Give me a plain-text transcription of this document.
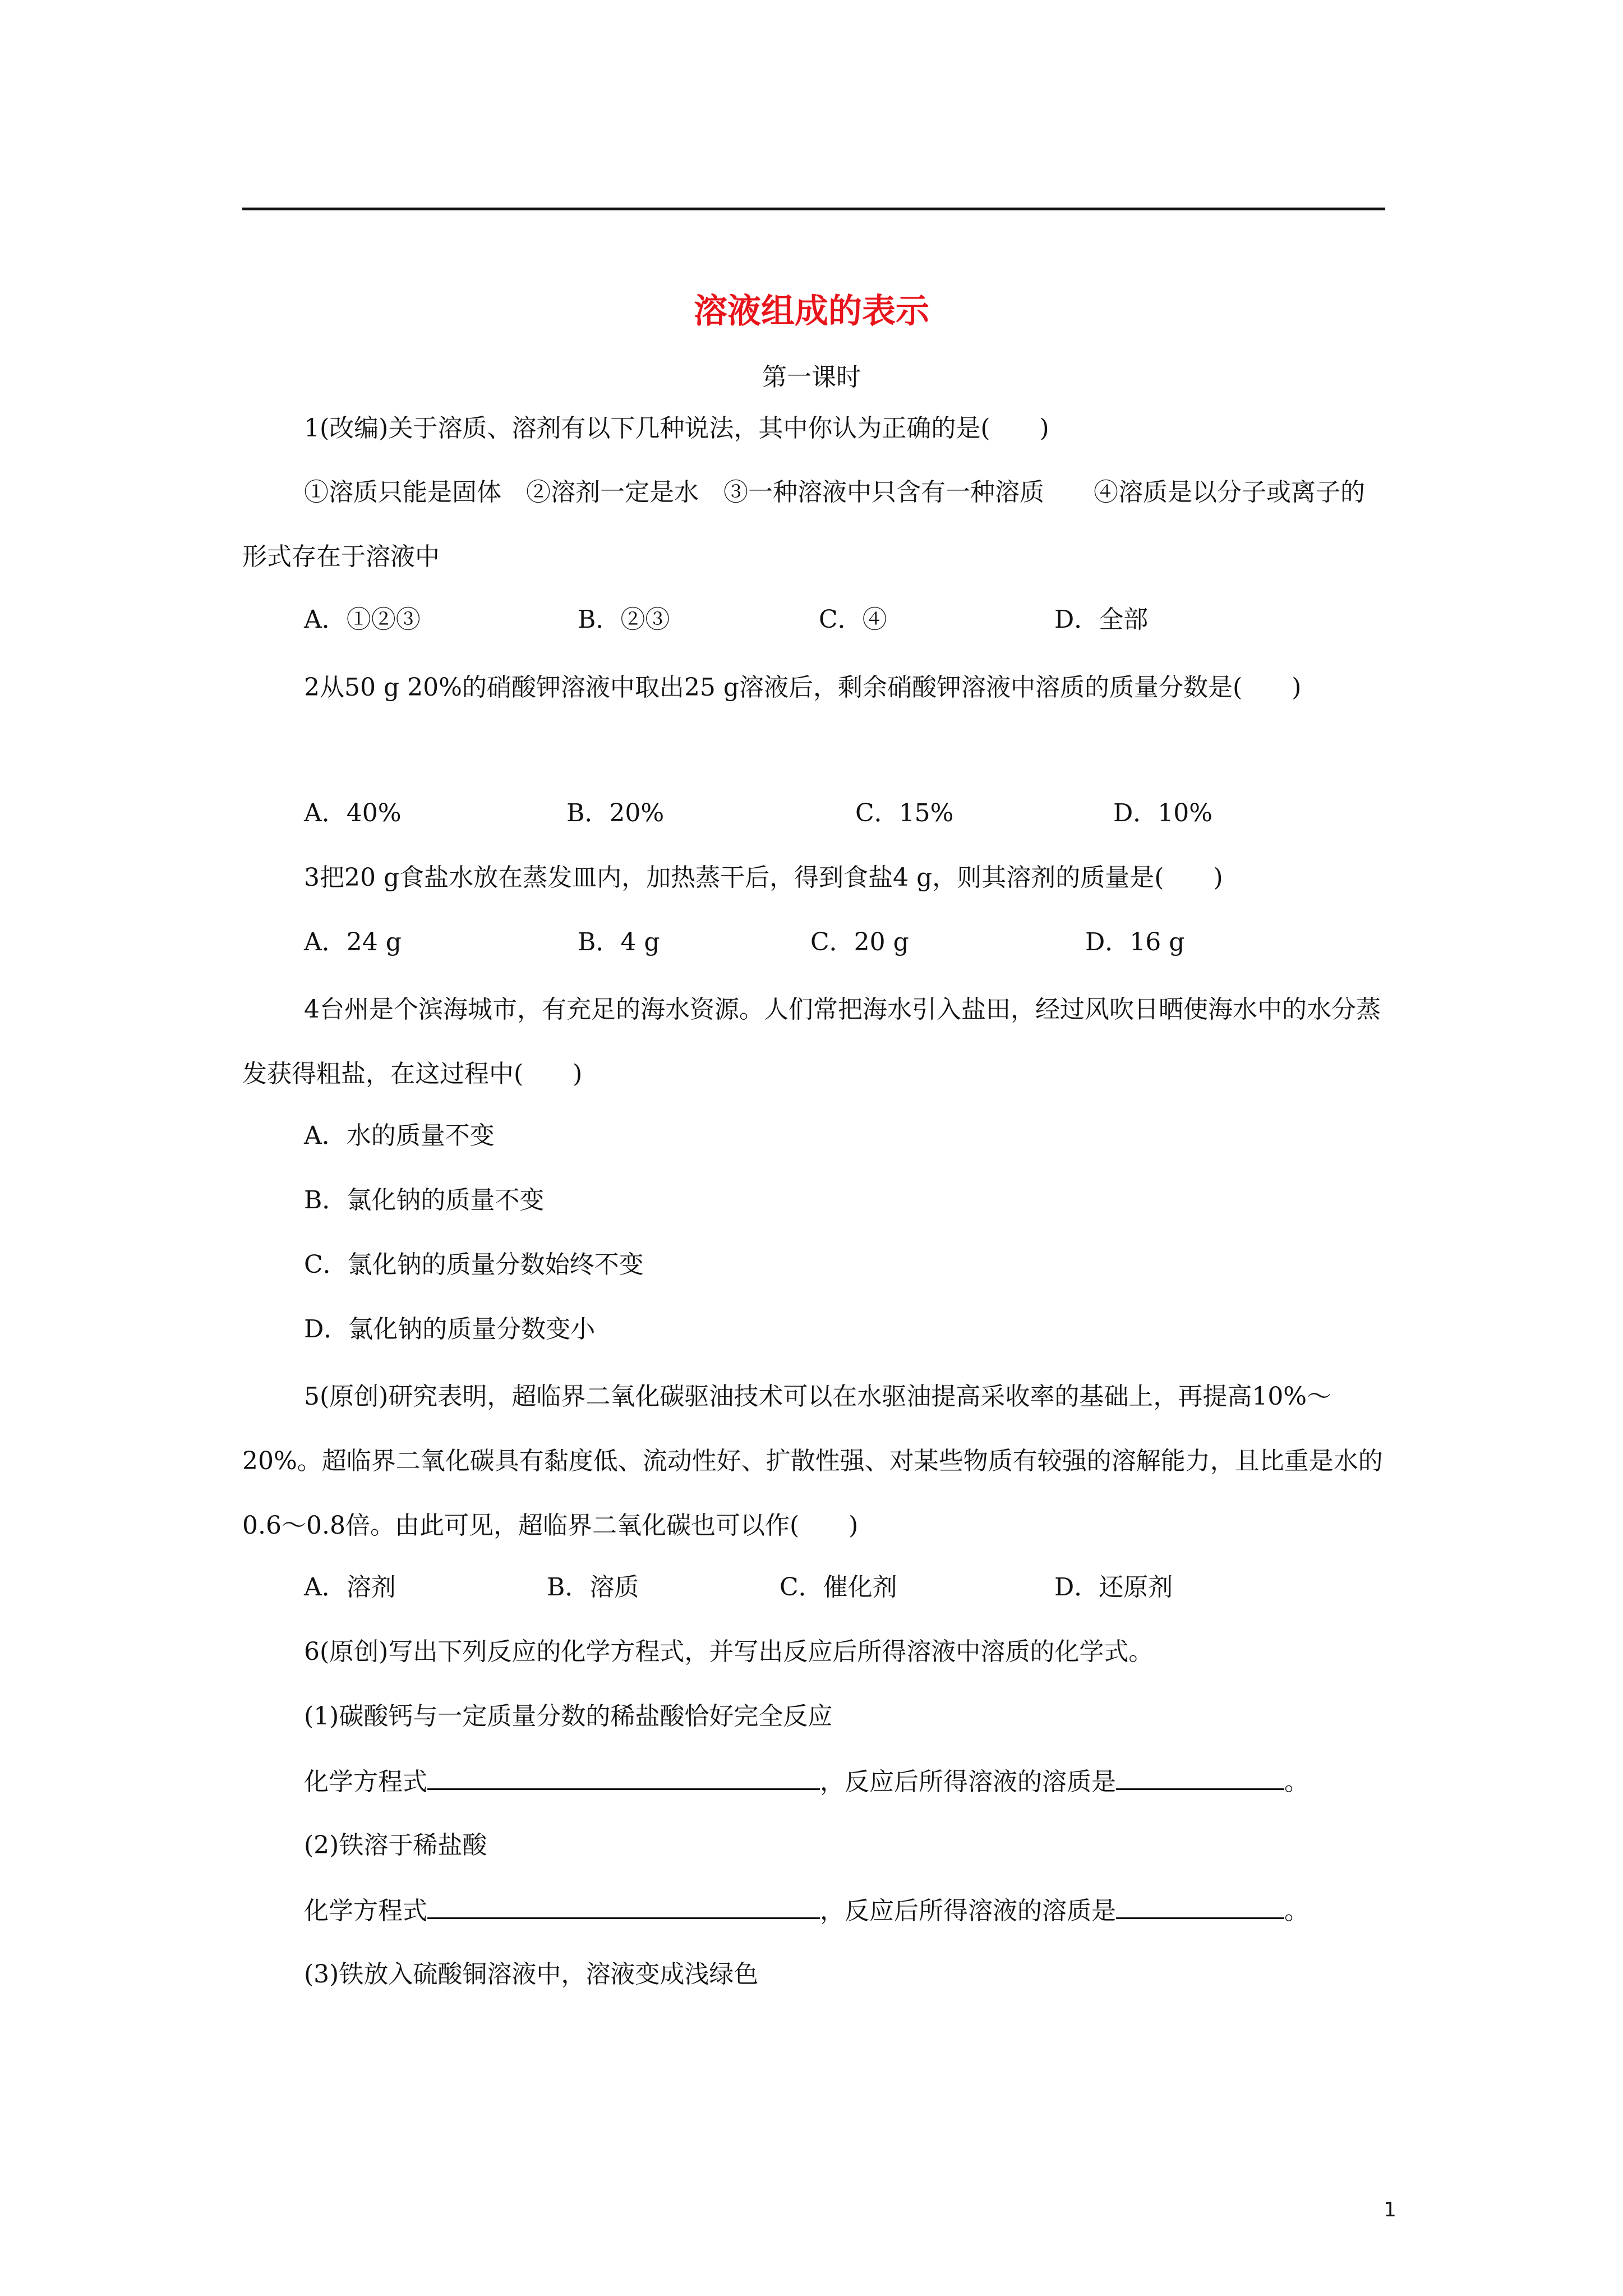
溶液组成的表示
第一课时
1(改编)关于溶质、溶剂有以下几种说法，其中你认为正确的是(　　)
①溶质只能是固体　②溶剂一定是水　③一种溶液中只含有一种溶质　　④溶质是以分子或离子的形式存在于溶液中
A．①②③	B．②③	C．④	D．全部
2从50 g 20%的硝酸钾溶液中取出25 g溶液后，剩余硝酸钾溶液中溶质的质量分数是(　　)
A．40%	B．20%	C．15%	D．10%
3把20 g食盐水放在蒸发皿内，加热蒸干后，得到食盐4 g，则其溶剂的质量是(　　)
A．24 g	B．4 g	C．20 g	D．16 g
4台州是个滨海城市，有充足的海水资源。人们常把海水引入盐田，经过风吹日晒使海水中的水分蒸发获得粗盐，在这过程中(　　)
A．水的质量不变
B．氯化钠的质量不变
C．氯化钠的质量分数始终不变
D．氯化钠的质量分数变小
5(原创)研究表明，超临界二氧化碳驱油技术可以在水驱油提高采收率的基础上，再提高10%～20%。超临界二氧化碳具有黏度低、流动性好、扩散性强、对某些物质有较强的溶解能力，且比重是水的0.6～0.8倍。由此可见，超临界二氧化碳也可以作(　　)
A．溶剂	B．溶质	C．催化剂	D．还原剂
6(原创)写出下列反应的化学方程式，并写出反应后所得溶液中溶质的化学式。
(1)碳酸钙与一定质量分数的稀盐酸恰好完全反应
化学方程式	，反应后所得溶液的溶质是	。
(2)铁溶于稀盐酸
化学方程式	，反应后所得溶液的溶质是	。
(3)铁放入硫酸铜溶液中，溶液变成浅绿色
1
